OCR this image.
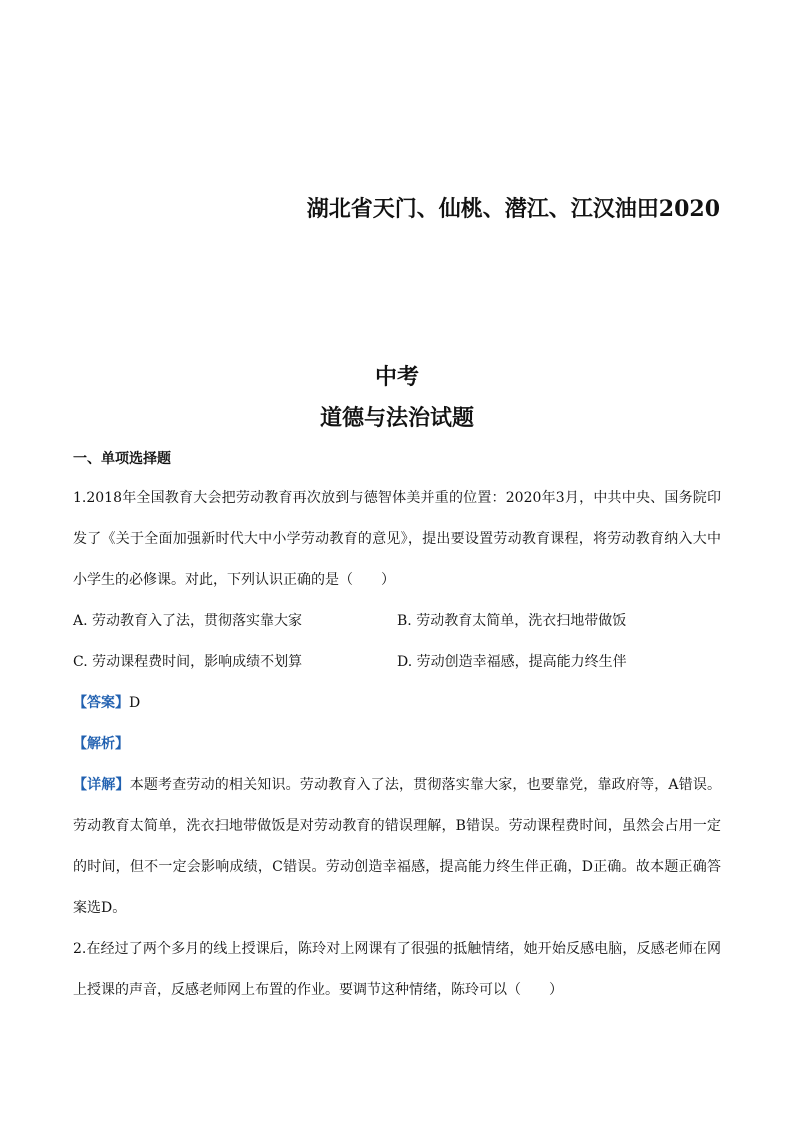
湖北省天门、仙桃、潜江、江汉油田2020
中考
道德与法治试题
一、单项选择题

1.2018年全国教育大会把劳动教育再次放到与德智体美并重的位置：2020年3月，中共中央、国务院印发了《关于全面加强新时代大中小学劳动教育的意见》，提出要设置劳动教育课程，将劳动教育纳入大中小学生的必修课。对此，下列认识正确的是（　　）

A. 劳动教育入了法，贯彻落实靠大家	B. 劳动教育太简单，洗衣扫地带做饭
C. 劳动课程费时间，影响成绩不划算	D. 劳动创造幸福感，提高能力终生伴
【答案】D
【解析】

【详解】本题考查劳动的相关知识。劳动教育入了法，贯彻落实靠大家，也要靠党，靠政府等，A错误。劳动教育太简单，洗衣扫地带做饭是对劳动教育的错误理解，B错误。劳动课程费时间，虽然会占用一定的时间，但不一定会影响成绩，C错误。劳动创造幸福感，提高能力终生伴正确，D正确。故本题正确答案选D。

2.在经过了两个多月的线上授课后，陈玲对上网课有了很强的抵触情绪，她开始反感电脑，反感老师在网上授课的声音，反感老师网上布置的作业。要调节这种情绪，陈玲可以（　　）
